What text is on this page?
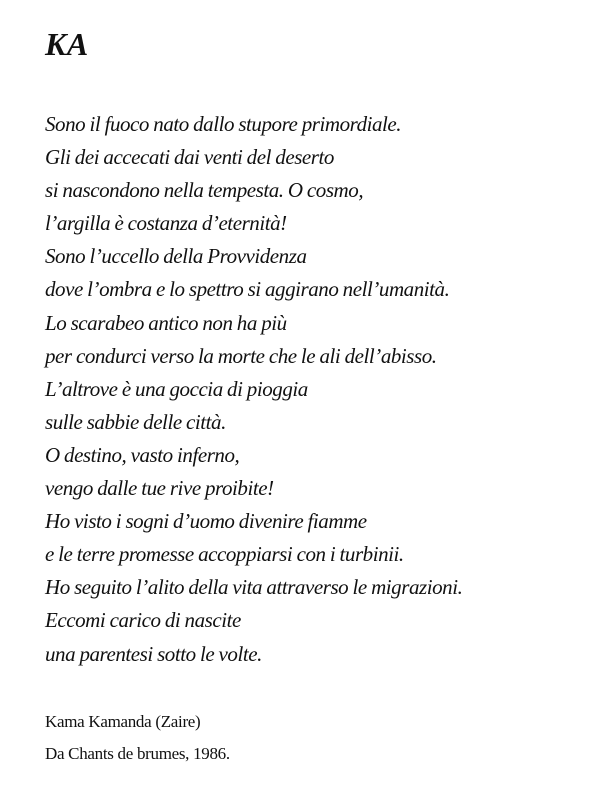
KA
Sono il fuoco nato dallo stupore primordiale.
Gli dei accecati dai venti del deserto
si nascondono nella tempesta. O cosmo,
l’argilla è costanza d’eternità!
Sono l’uccello della Provvidenza
dove l’ombra e lo spettro si aggirano nell’umanità.
Lo scarabeo antico non ha più
per condurci verso la morte che le ali dell’abisso.
L’altrove è una goccia di pioggia
sulle sabbie delle città.
O destino, vasto inferno,
vengo dalle tue rive proibite!
Ho visto i sogni d’uomo divenire fiamme
e le terre promesse accoppiarsi con i turbinii.
Ho seguito l’alito della vita attraverso le migrazioni.
Eccomi carico di nascite
una parentesi sotto le volte.
Kama Kamanda (Zaire)
Da Chants de brumes, 1986.
